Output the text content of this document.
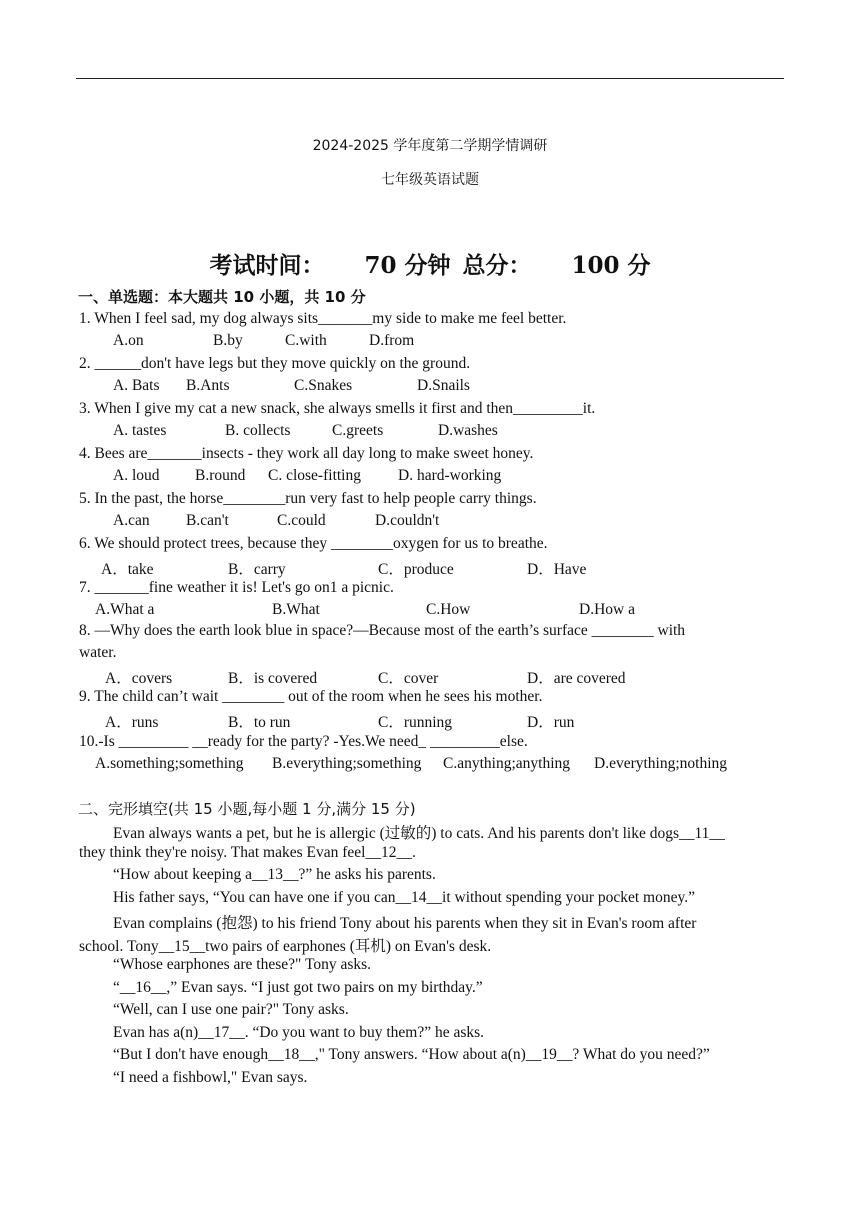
2024-2025 学年度第二学期学情调研
七年级英语试题
考试时间： 70 分钟 总分： 100 分
一、单选题：本大题共 10 小题，共 10 分
1. When I feel sad, my dog always sits_______my side to make me feel better.
A.on	B.by	C.with	D.from
2. ______don't have legs but they move quickly on the ground.
A. Bats B.Ants	C.Snakes	D.Snails
3. When I give my cat a new snack, she always smells it first and then_________it.
A. tastes	B. collects	C.greets	D.washes
4. Bees are_______insects - they work all day long to make sweet honey.
A. loud B.round C. close-fitting D. hard-working
5. In the past, the horse________run very fast to help people carry things.
A.can B.can't	C.could	D.couldn't
6. We should protect trees, because they ________oxygen for us to breathe.
A．take	B．carry	C．produce	D．Have
7. _______fine weather it is! Let's go on1 a picnic.
A.What a	B.What	C.How	D.How a
8. —Why does the earth look blue in space?—Because most of the earth’s surface ________ with
water.
A．covers	B．is covered	C．cover	D．are covered
9. The child can’t wait ________ out of the room when he sees his mother.
A．runs	B．to run	C．running	D．run
10.-Is _________ __ready for the party? -Yes.We need_ _________else.
A.something;something B.everything;something C.anything;anything D.everything;nothing
二、完形填空(共 15 小题,每小题 1 分,满分 15 分)
Evan always wants a pet, but he is allergic (过敏的) to cats. And his parents don't like dogs__11__
they think they're noisy. That makes Evan feel__12__.
“How about keeping a__13__?” he asks his parents.
His father says, “You can have one if you can__14__it without spending your pocket money.”
Evan complains (抱怨) to his friend Tony about his parents when they sit in Evan's room after
school. Tony__15__two pairs of earphones (耳机) on Evan's desk.
“Whose earphones are these?" Tony asks.
“__16__,” Evan says. “I just got two pairs on my birthday.”
“Well, can I use one pair?" Tony asks.
Evan has a(n)__17__. “Do you want to buy them?” he asks.
“But I don't have enough__18__," Tony answers. “How about a(n)__19__? What do you need?”
“I need a fishbowl," Evan says.
